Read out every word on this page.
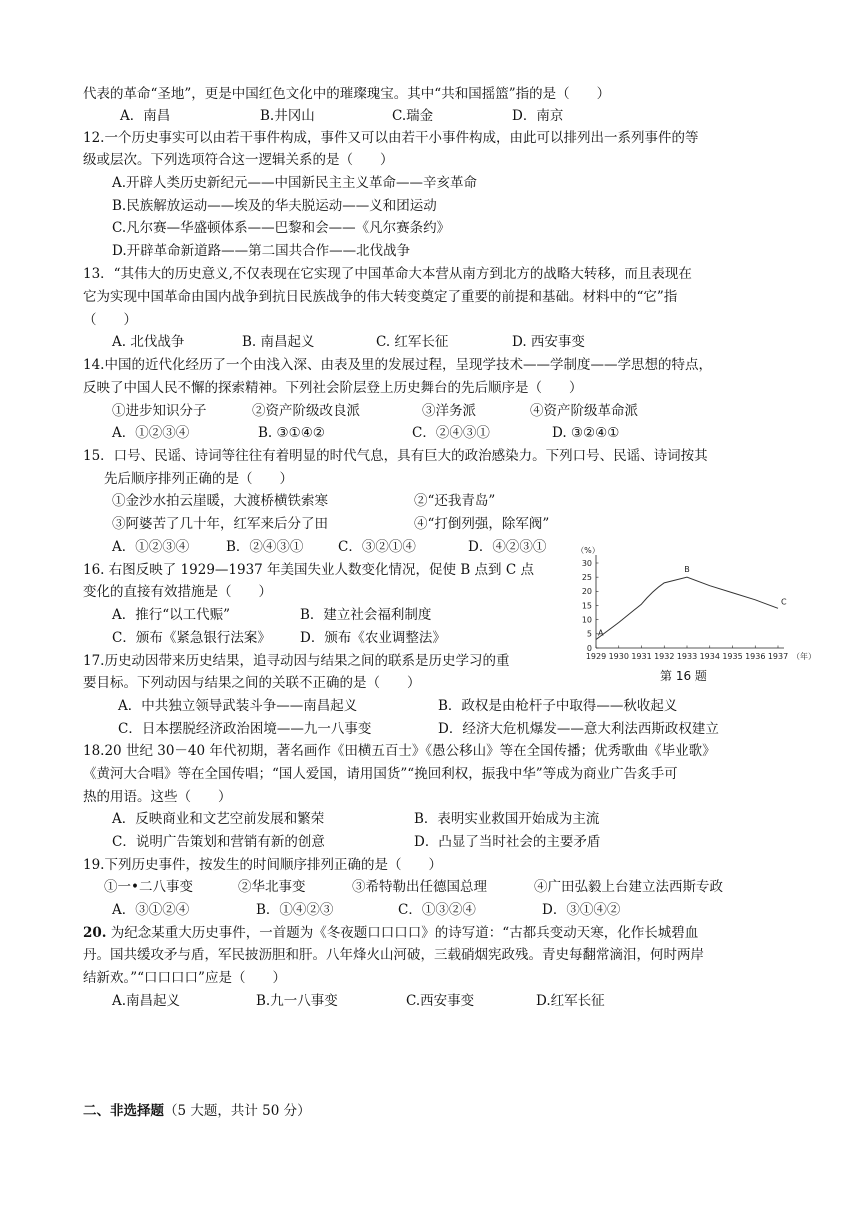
代表的革命“圣地”，更是中国红色文化中的璀璨瑰宝。其中“共和国摇篮”指的是（　　）
A．南昌	B.井冈山	C.瑞金	D．南京
12.一个历史事实可以由若干事件构成，事件又可以由若干小事件构成，由此可以排列出一系列事件的等
级或层次。下列选项符合这一逻辑关系的是（　　）
A.开辟人类历史新纪元——中国新民主主义革命——辛亥革命
B.民族解放运动——埃及的华夫脱运动——义和团运动
C.凡尔赛—华盛顿体系——巴黎和会——《凡尔赛条约》
D.开辟革命新道路——第二国共合作——北伐战争
13．“其伟大的历史意义,不仅表现在它实现了中国革命大本营从南方到北方的战略大转移，而且表现在
它为实现中国革命由国内战争到抗日民族战争的伟大转变奠定了重要的前提和基础。材料中的“它”指
（　　）
A. 北伐战争	B. 南昌起义	C. 红军长征	D. 西安事变
14.中国的近代化经历了一个由浅入深、由表及里的发展过程，呈现学技术——学制度——学思想的特点，
反映了中国人民不懈的探索精神。下列社会阶层登上历史舞台的先后顺序是（　　）
①进步知识分子	②资产阶级改良派	③洋务派	④资产阶级革命派
A．①②③④	B. ③①④②	C．②④③①	D. ③②④①
15．口号、民谣、诗词等往往有着明显的时代气息，具有巨大的政治感染力。下列口号、民谣、诗词按其
先后顺序排列正确的是（　　）
①金沙水拍云崖暖，大渡桥横铁索寒	②“还我青岛”
③阿婆苦了几十年，红军来后分了田	④“打倒列强，除军阀”
A．①②③④	B．②④③①	C．③②①④	D．④②③①
16. 右图反映了 1929—1937 年美国失业人数变化情况，促使 B 点到 C 点
变化的直接有效措施是（　　）
A．推行“以工代赈”	B．建立社会福利制度
C．颁布《紧急银行法案》 D．颁布《农业调整法》
（%）
0
5
10
15
20
25
30
1929 1930 1931 1932 1933 1934 1935 1936 1937 （年）
A
B
C
第 16 题
17.历史动因带来历史结果，追寻动因与结果之间的联系是历史学习的重
要目标。下列动因与结果之间的关联不正确的是（　　）
A．中共独立领导武装斗争——南昌起义	B．政权是由枪杆子中取得——秋收起义
C．日本摆脱经济政治困境——九一八事变	D．经济大危机爆发——意大利法西斯政权建立
18.20 世纪 30－40 年代初期，著名画作《田横五百士》《愚公移山》等在全国传播；优秀歌曲《毕业歌》
《黄河大合唱》等在全国传唱；“国人爱国，请用国货”“挽回利权，振我中华”等成为商业广告炙手可
热的用语。这些（　　）
A．反映商业和文艺空前发展和繁荣	B．表明实业救国开始成为主流
C．说明广告策划和营销有新的创意	D．凸显了当时社会的主要矛盾
19.下列历史事件，按发生的时间顺序排列正确的是（　　）
①一•二八事变	②华北事变	③希特勒出任德国总理	④广田弘毅上台建立法西斯专政
A．③①②④	B．①④②③	C．①③②④	D．③①④②
20. 为纪念某重大历史事件，一首题为《冬夜题口口口口》的诗写道：“古都兵变动天寒，化作长城碧血
丹。国共缓攻矛与盾，军民披沥胆和肝。八年烽火山河破，三载硝烟宪政残。青史每翻常滴泪，何时两岸
结新欢。”“口口口口”应是（　　）
A.南昌起义	B.九一八事变	C.西安事变	D.红军长征
二、非选择题（5 大题，共计 50 分）
